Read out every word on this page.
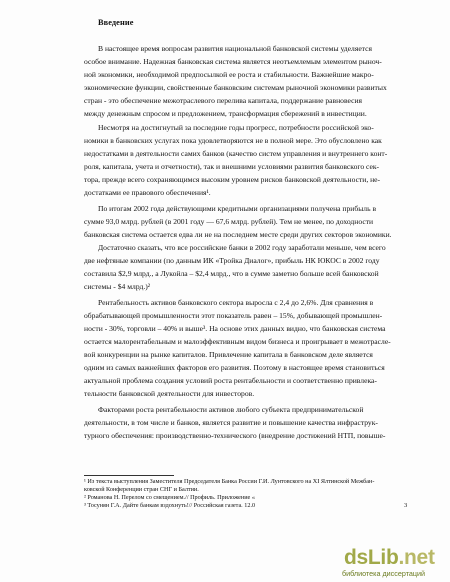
Введение
В настоящее время вопросам развития национальной банковской системы уделяется
особое внимание. Надежная банковская система является неотъемлемым элементом рыноч-
ной экономики, необходимой предпосылкой ее роста и стабильности. Важнейшие макро-
экономические функции, свойственные банковским системам рыночной экономики развитых
стран - это обеспечение межотраслевого перелива капитала, поддержание равновесия
между денежным спросом и предложением, трансформация сбережений в инвестиции.
Несмотря на достигнутый за последние годы прогресс, потребности российской эко-
номики в банковских услугах пока удовлетворяются не в полной мере. Это обусловлено как
недостатками в деятельности самих банков (качество систем управления и внутреннего конт-
роля, капитала, учета и отчетности), так и внешними условиями развития банковского сек-
тора, прежде всего сохраняющимся высоким уровнем рисков банковской деятельности, не-
достатками ее правового обеспечения¹.
По итогам 2002 года действующими кредитными организациями получена прибыль в
сумме 93,0 млрд. рублей (в 2001 году — 67,6 млрд. рублей). Тем не менее, по доходности
банковская система остается едва ли не на последнем месте среди других секторов экономики.
Достаточно сказать, что все российские банки в 2002 году заработали меньше, чем всего
две нефтяные компании (по данным ИК «Тройка Диалог», прибыль НК ЮКОС в 2002 году
составила $2,9 млрд., а Лукойла – $2,4 млрд., что в сумме заметно больше всей банковской
системы - $4 млрд.)²
Рентабельность активов банковского сектора выросла с 2,4 до 2,6%. Для сравнения в
обрабатывающей промышленности этот показатель равен – 15%, добывающей промышлен-
ности - 30%, торговли – 40% и выше³. На основе этих данных видно, что банковская система
остается малорентабельным и малоэффективным видом бизнеса и проигрывает в межотрасле-
вой конкуренции на рынке капиталов. Привлечение капитала в банковском деле является
одним из самых важнейших факторов его развития. Поэтому в настоящее время становиться
актуальной проблема создания условий роста рентабельности и соответственно привлека-
тельности банковской деятельности для инвесторов.
Факторами роста рентабельности активов любого субъекта предпринимательской
деятельности, в том числе и банков, является развитие и повышение качества инфраструк-
турного обеспечения: производственно-технического (внедрение достижений НТП, повыше-
¹ Из текста выступления Заместителя Председателя Банка России Г.И. Лунтовского на XI Ялтинской Межбан-
ковской Конференции стран СНГ и Балтии.
² Романова Н. Перелом со смещением.// Профиль. Приложение «
³ Тосунян Г.А. Дайте банкам вздохнуть!// Российская газета. 12.0	3
dsLib.net
библиотека диссертаций
